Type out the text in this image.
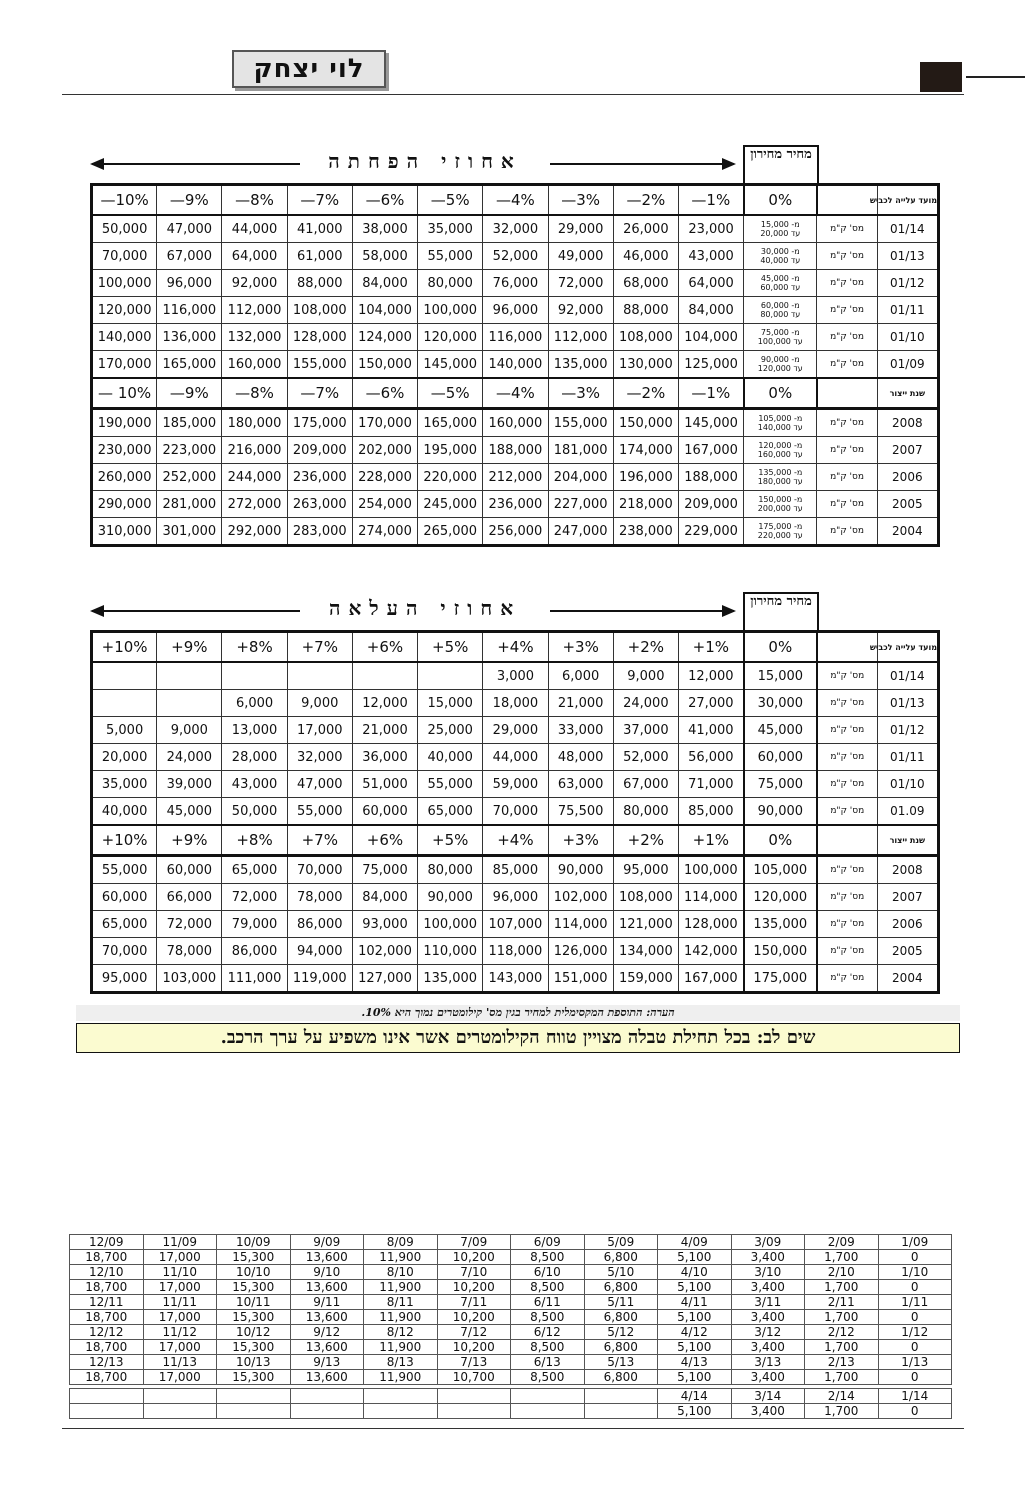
לוי יצחק
אחוזי הפחתה	מחיר מחירון
—10%	—9%	—8%	—7%	—6%	—5%	—4%	—3%	—2%	—1%	0%		מועד עלייה לכביש
50,000	47,000	44,000	41,000	38,000	35,000	32,000	29,000	26,000	23,000	מ- 15,000
עד 20,000	מס' ק"מ	01/14
70,000	67,000	64,000	61,000	58,000	55,000	52,000	49,000	46,000	43,000	מ- 30,000
עד 40,000	מס' ק"מ	01/13
100,000	96,000	92,000	88,000	84,000	80,000	76,000	72,000	68,000	64,000	מ- 45,000
עד 60,000	מס' ק"מ	01/12
120,000	116,000	112,000	108,000	104,000	100,000	96,000	92,000	88,000	84,000	מ- 60,000
עד 80,000	מס' ק"מ	01/11
140,000	136,000	132,000	128,000	124,000	120,000	116,000	112,000	108,000	104,000	מ- 75,000
עד 100,000	מס' ק"מ	01/10
170,000	165,000	160,000	155,000	150,000	145,000	140,000	135,000	130,000	125,000	מ- 90,000
עד 120,000	מס' ק"מ	01/09
— 10%	—9%	—8%	—7%	—6%	—5%	—4%	—3%	—2%	—1%	0%		שנת ייצור
190,000	185,000	180,000	175,000	170,000	165,000	160,000	155,000	150,000	145,000	מ- 105,000
עד 140,000	מס' ק"מ	2008
230,000	223,000	216,000	209,000	202,000	195,000	188,000	181,000	174,000	167,000	מ- 120,000
עד 160,000	מס' ק"מ	2007
260,000	252,000	244,000	236,000	228,000	220,000	212,000	204,000	196,000	188,000	מ- 135,000
עד 180,000	מס' ק"מ	2006
290,000	281,000	272,000	263,000	254,000	245,000	236,000	227,000	218,000	209,000	מ- 150,000
עד 200,000	מס' ק"מ	2005
310,000	301,000	292,000	283,000	274,000	265,000	256,000	247,000	238,000	229,000	מ- 175,000
עד 220,000	מס' ק"מ	2004
אחוזי העלאה	מחיר מחירון
+10%	+9%	+8%	+7%	+6%	+5%	+4%	+3%	+2%	+1%	0%		מועד עלייה לכביש
						3,000	6,000	9,000	12,000	15,000	מס' ק"מ	01/14
		6,000	9,000	12,000	15,000	18,000	21,000	24,000	27,000	30,000	מס' ק"מ	01/13
5,000	9,000	13,000	17,000	21,000	25,000	29,000	33,000	37,000	41,000	45,000	מס' ק"מ	01/12
20,000	24,000	28,000	32,000	36,000	40,000	44,000	48,000	52,000	56,000	60,000	מס' ק"מ	01/11
35,000	39,000	43,000	47,000	51,000	55,000	59,000	63,000	67,000	71,000	75,000	מס' ק"מ	01/10
40,000	45,000	50,000	55,000	60,000	65,000	70,000	75,500	80,000	85,000	90,000	מס' ק"מ	01.09
+10%	+9%	+8%	+7%	+6%	+5%	+4%	+3%	+2%	+1%	0%		שנת ייצור
55,000	60,000	65,000	70,000	75,000	80,000	85,000	90,000	95,000	100,000	105,000	מס' ק"מ	2008
60,000	66,000	72,000	78,000	84,000	90,000	96,000	102,000	108,000	114,000	120,000	מס' ק"מ	2007
65,000	72,000	79,000	86,000	93,000	100,000	107,000	114,000	121,000	128,000	135,000	מס' ק"מ	2006
70,000	78,000	86,000	94,000	102,000	110,000	118,000	126,000	134,000	142,000	150,000	מס' ק"מ	2005
95,000	103,000	111,000	119,000	127,000	135,000	143,000	151,000	159,000	167,000	175,000	מס' ק"מ	2004
הערה: התוספת המקסימלית למחיר בגין מס' קילומטרים נמוך היא 10%.
שים לב: בכל תחילת טבלה מצויין טווח הקילומטרים אשר אינו משפיע על ערך הרכב.
12/09	11/09	10/09	9/09	8/09	7/09	6/09	5/09	4/09	3/09	2/09	1/09
18,700	17,000	15,300	13,600	11,900	10,200	8,500	6,800	5,100	3,400	1,700	0
12/10	11/10	10/10	9/10	8/10	7/10	6/10	5/10	4/10	3/10	2/10	1/10
18,700	17,000	15,300	13,600	11,900	10,200	8,500	6,800	5,100	3,400	1,700	0
12/11	11/11	10/11	9/11	8/11	7/11	6/11	5/11	4/11	3/11	2/11	1/11
18,700	17,000	15,300	13,600	11,900	10,200	8,500	6,800	5,100	3,400	1,700	0
12/12	11/12	10/12	9/12	8/12	7/12	6/12	5/12	4/12	3/12	2/12	1/12
18,700	17,000	15,300	13,600	11,900	10,200	8,500	6,800	5,100	3,400	1,700	0
12/13	11/13	10/13	9/13	8/13	7/13	6/13	5/13	4/13	3/13	2/13	1/13
18,700	17,000	15,300	13,600	11,900	10,700	8,500	6,800	5,100	3,400	1,700	0

								4/14	3/14	2/14	1/14
								5,100	3,400	1,700	0
